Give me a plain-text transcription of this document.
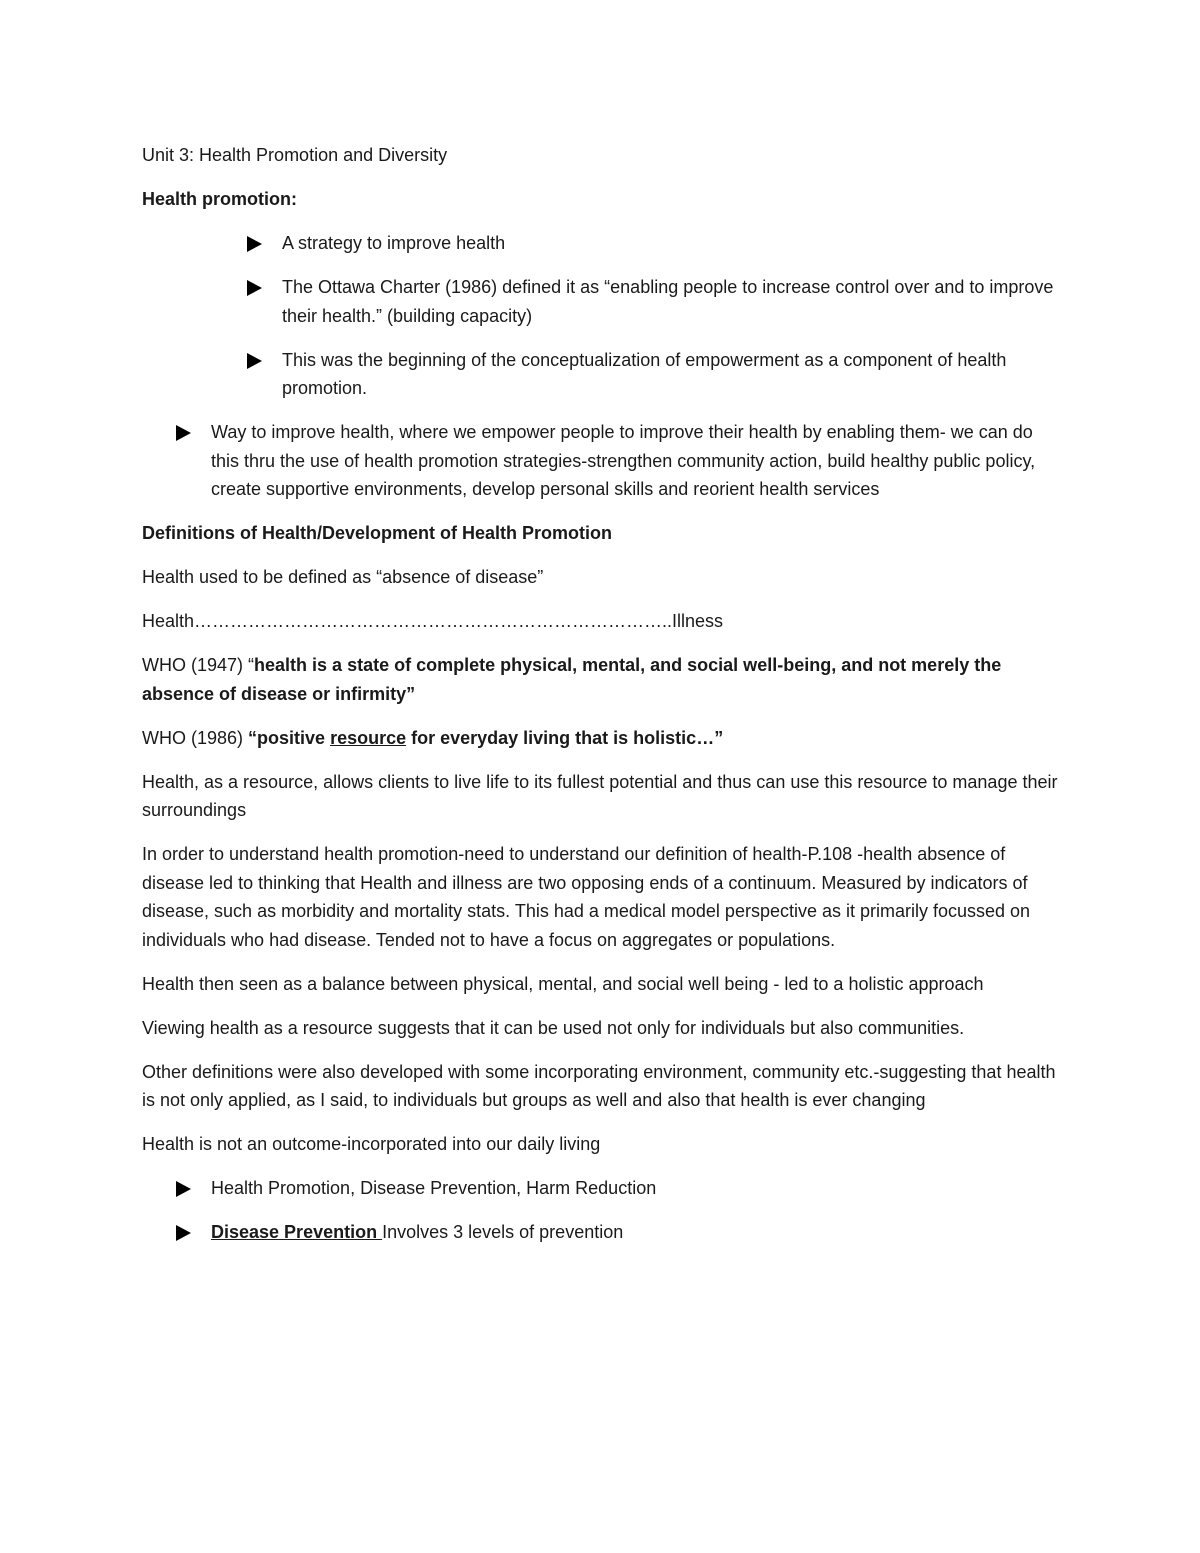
Unit 3: Health Promotion and Diversity

Health promotion:

A strategy to improve health
The Ottawa Charter (1986) defined it as “enabling people to increase control over and to improve their health.” (building capacity)
This was the beginning of the conceptualization of empowerment as a component of health promotion.
Way to improve health, where we empower people to improve their health by enabling them- we can do this thru the use of health promotion strategies-strengthen community action, build healthy public policy, create supportive environments, develop personal skills and reorient health services

Definitions of Health/Development of Health Promotion

Health used to be defined as “absence of disease”

Health……………………………………………………………………..Illness

WHO (1947) “health is a state of complete physical, mental, and social well-being, and not merely the absence of disease or infirmity”

WHO (1986) “positive resource for everyday living that is holistic…”

Health, as a resource, allows clients to live life to its fullest potential and thus can use this resource to manage their surroundings

In order to understand health promotion-need to understand our definition of health-P.108 -health absence of disease led to thinking that Health and illness are two opposing ends of a continuum. Measured by indicators of disease, such as morbidity and mortality stats. This had a medical model perspective as it primarily focussed on individuals who had disease. Tended not to have a focus on aggregates or populations.

Health then seen as a balance between physical, mental, and social well being - led to a holistic approach

Viewing health as a resource suggests that it can be used not only for individuals but also communities.

Other definitions were also developed with some incorporating environment, community etc.-suggesting that health is not only applied, as I said, to individuals but groups as well and also that health is ever changing

Health is not an outcome-incorporated into our daily living

Health Promotion, Disease Prevention, Harm Reduction
Disease Prevention Involves 3 levels of prevention
